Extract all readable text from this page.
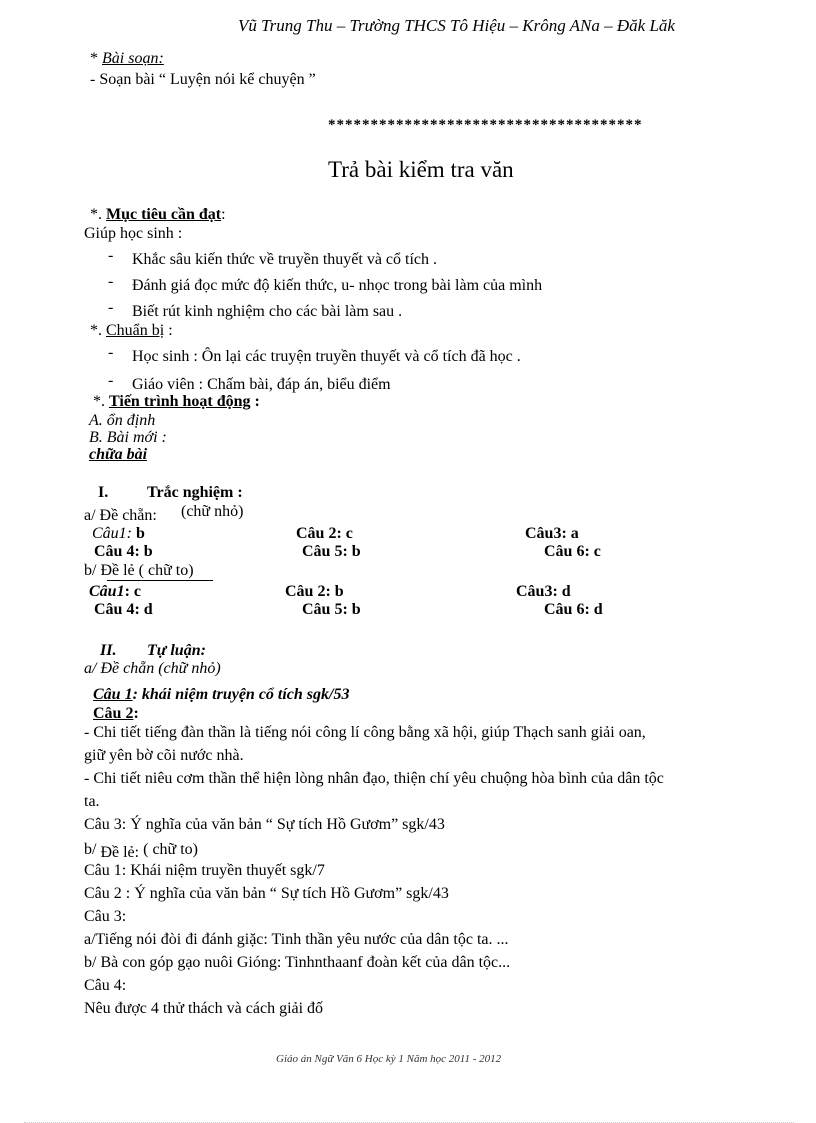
Vũ Trung Thu – Trường THCS Tô Hiệu – Krông ANa – Đăk Lăk
* Bài soạn:
- Soạn bài “ Luyện nói kể chuyện ”
*************************************
Trả bài kiểm tra văn
*. Mục tiêu cần đạt:
Giúp học sinh :
- Khắc sâu kiến thức về truyền thuyết và cổ tích .
- Đánh giá đọc mức độ kiến thức, u- nhọc trong bài làm của mình
- Biết rút kinh nghiệm cho các bài làm sau .
*. Chuẩn bị :
- Học sinh : Ôn lại các truyện truyền thuyết và cổ tích đã học .
- Giáo viên : Chấm bài, đáp án, biểu điểm
*. Tiến trình hoạt động :
A. ổn định
B. Bài mới :
chữa bài
I. Trắc nghiệm :
a/ Đề chẵn: (chữ nhỏ)
Câu1: b	Câu 2: c	Câu3: a
Câu 4: b	Câu 5: b	Câu 6: c
b/ Đề lẻ ( chữ to)
Câu1: c	Câu 2: b	Câu3: d
Câu 4: d	Câu 5: b	Câu 6: d
II. Tự luận:
a/ Đề chẵn (chữ nhỏ)
Câu 1: khái niệm truyện cổ tích sgk/53
Câu 2:
- Chi tiết tiếng đàn thần là tiếng nói công lí công bằng xã hội, giúp Thạch sanh giải oan,
giữ yên bờ cõi nước nhà.
- Chi tiết niêu cơm thần thể hiện lòng nhân đạo, thiện chí yêu chuộng hòa bình của dân tộc
ta.
Câu 3: Ý nghĩa của văn bản “ Sự tích Hồ Gươm” sgk/43
b/ Đề lẻ: ( chữ to)
Câu 1: Khái niệm truyền thuyết sgk/7
Câu 2 : Ý nghĩa của văn bản “ Sự tích Hồ Gươm” sgk/43
Câu 3:
a/Tiếng nói đòi đi đánh giặc: Tinh thần yêu nước của dân tộc ta. ...
b/ Bà con góp gạo nuôi Gióng: Tinhnthaanf đoàn kết của dân tộc...
Câu 4:
Nêu được 4 thử thách và cách giải đố
Giáo án Ngữ Văn 6 Học kỳ 1 Năm học 2011 - 2012
